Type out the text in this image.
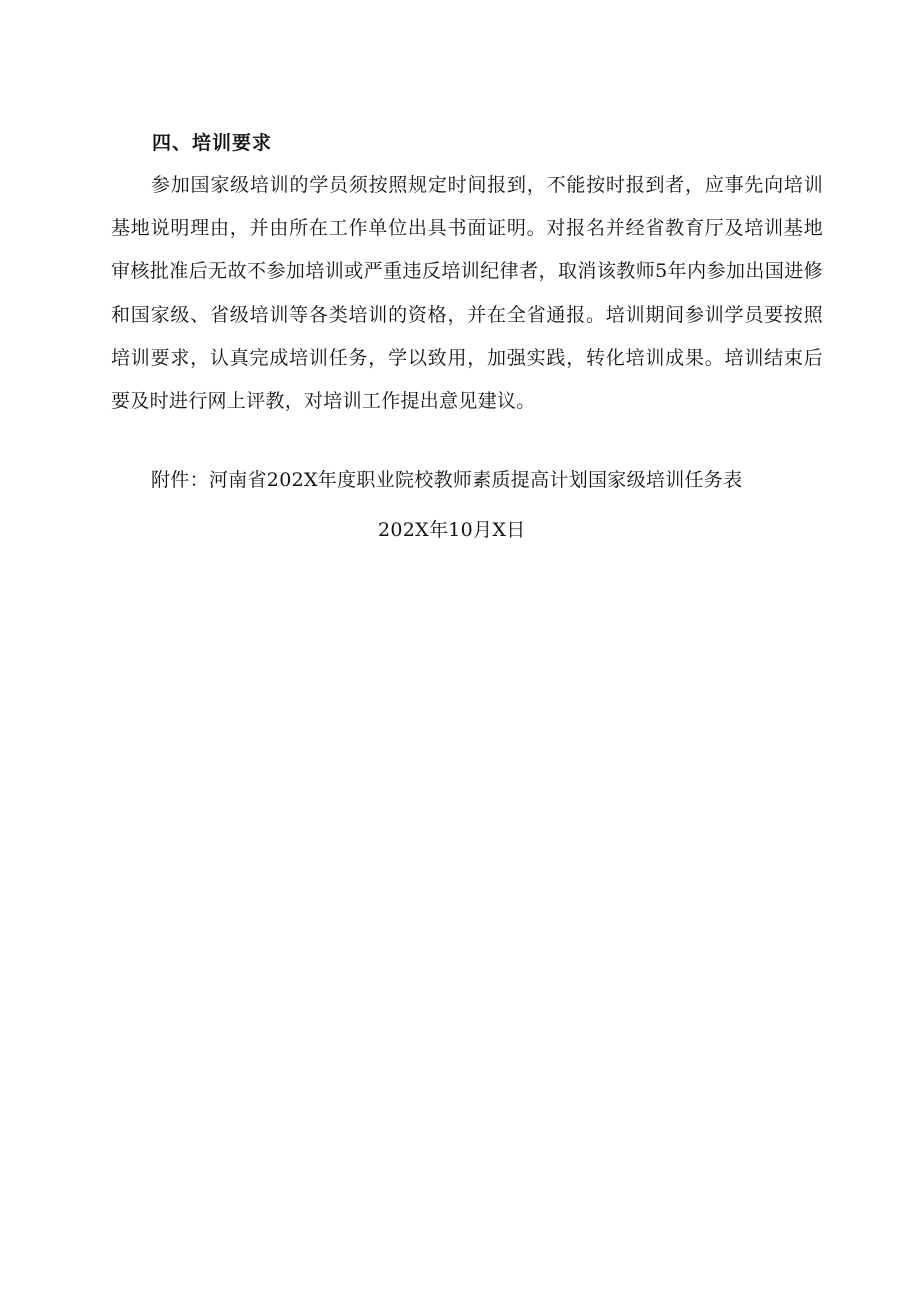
四、培训要求
参加国家级培训的学员须按照规定时间报到，不能按时报到者，应事先向培训基地说明理由，并由所在工作单位出具书面证明。对报名并经省教育厅及培训基地审核批准后无故不参加培训或严重违反培训纪律者，取消该教师5年内参加出国进修和国家级、省级培训等各类培训的资格，并在全省通报。培训期间参训学员要按照培训要求，认真完成培训任务，学以致用，加强实践，转化培训成果。培训结束后要及时进行网上评教，对培训工作提出意见建议。
附件：河南省202X年度职业院校教师素质提高计划国家级培训任务表
202X年10月X日
